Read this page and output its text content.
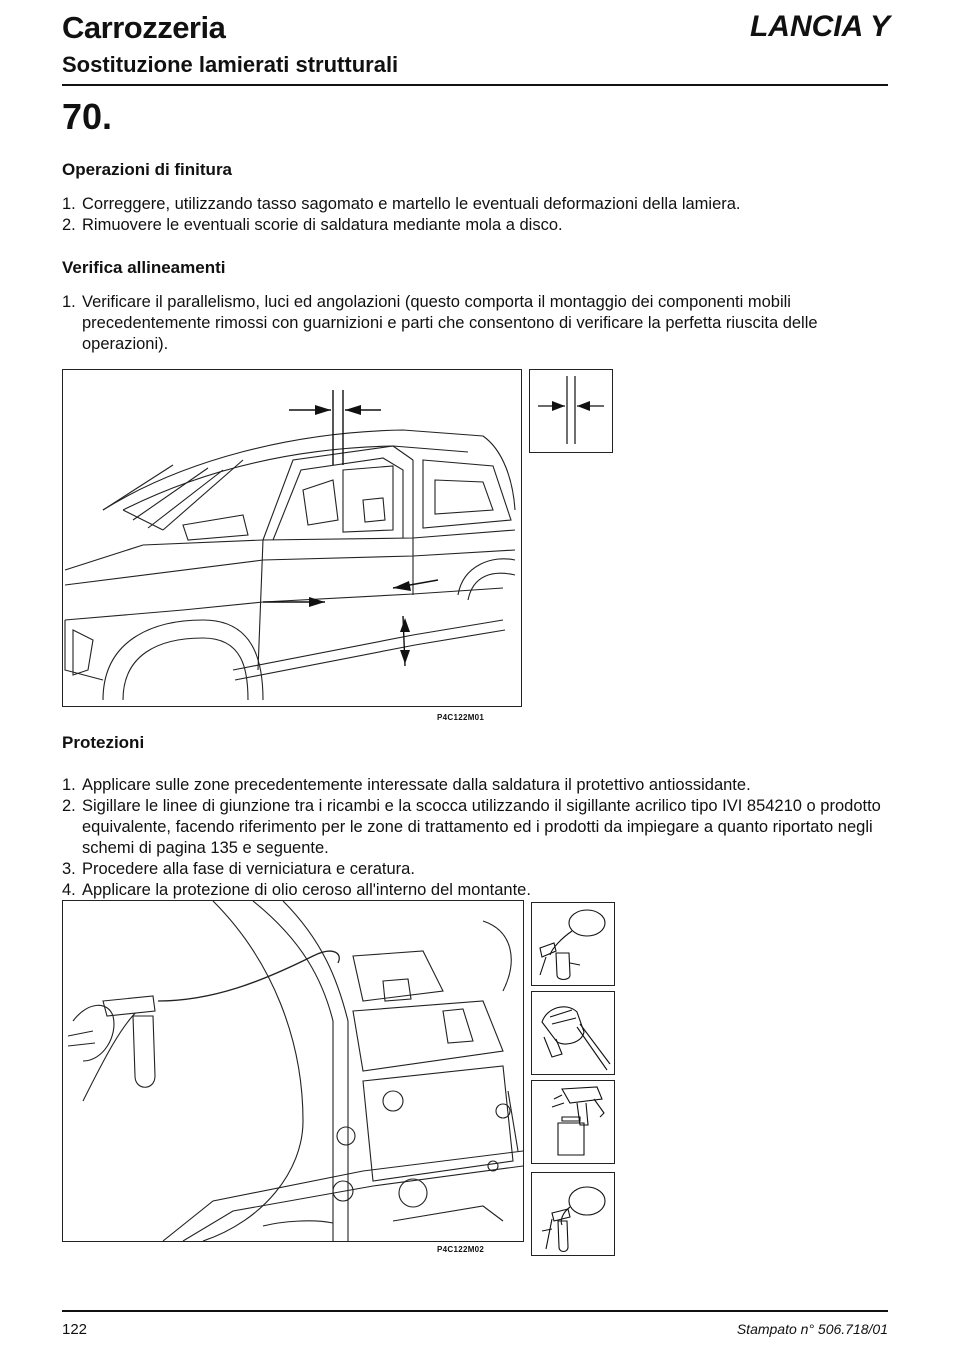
Carrozzeria	LANCIA Y
Sostituzione lamierati strutturali
70.
Operazioni di finitura
1. Correggere, utilizzando tasso sagomato e martello le eventuali deformazioni della lamiera.
2. Rimuovere le eventuali scorie di saldatura mediante mola a disco.
Verifica allineamenti
1. Verificare il parallelismo, luci ed angolazioni (questo comporta il montaggio dei componenti mobili precedentemente rimossi con guarnizioni e parti che consentono di verificare la perfetta riuscita delle operazioni).
P4C122M01
Protezioni
1. Applicare sulle zone precedentemente interessate dalla saldatura il protettivo antiossidante.
2. Sigillare le linee di giunzione tra i ricambi e la scocca utilizzando il sigillante acrilico tipo IVI 854210 o prodotto equivalente, facendo riferimento per le zone di trattamento ed i prodotti da impiegare a quanto riportato negli schemi di pagina 135 e seguente.
3. Procedere alla fase di verniciatura e ceratura.
4. Applicare la protezione di olio ceroso all'interno del montante.
P4C122M02
122	Stampato n° 506.718/01
